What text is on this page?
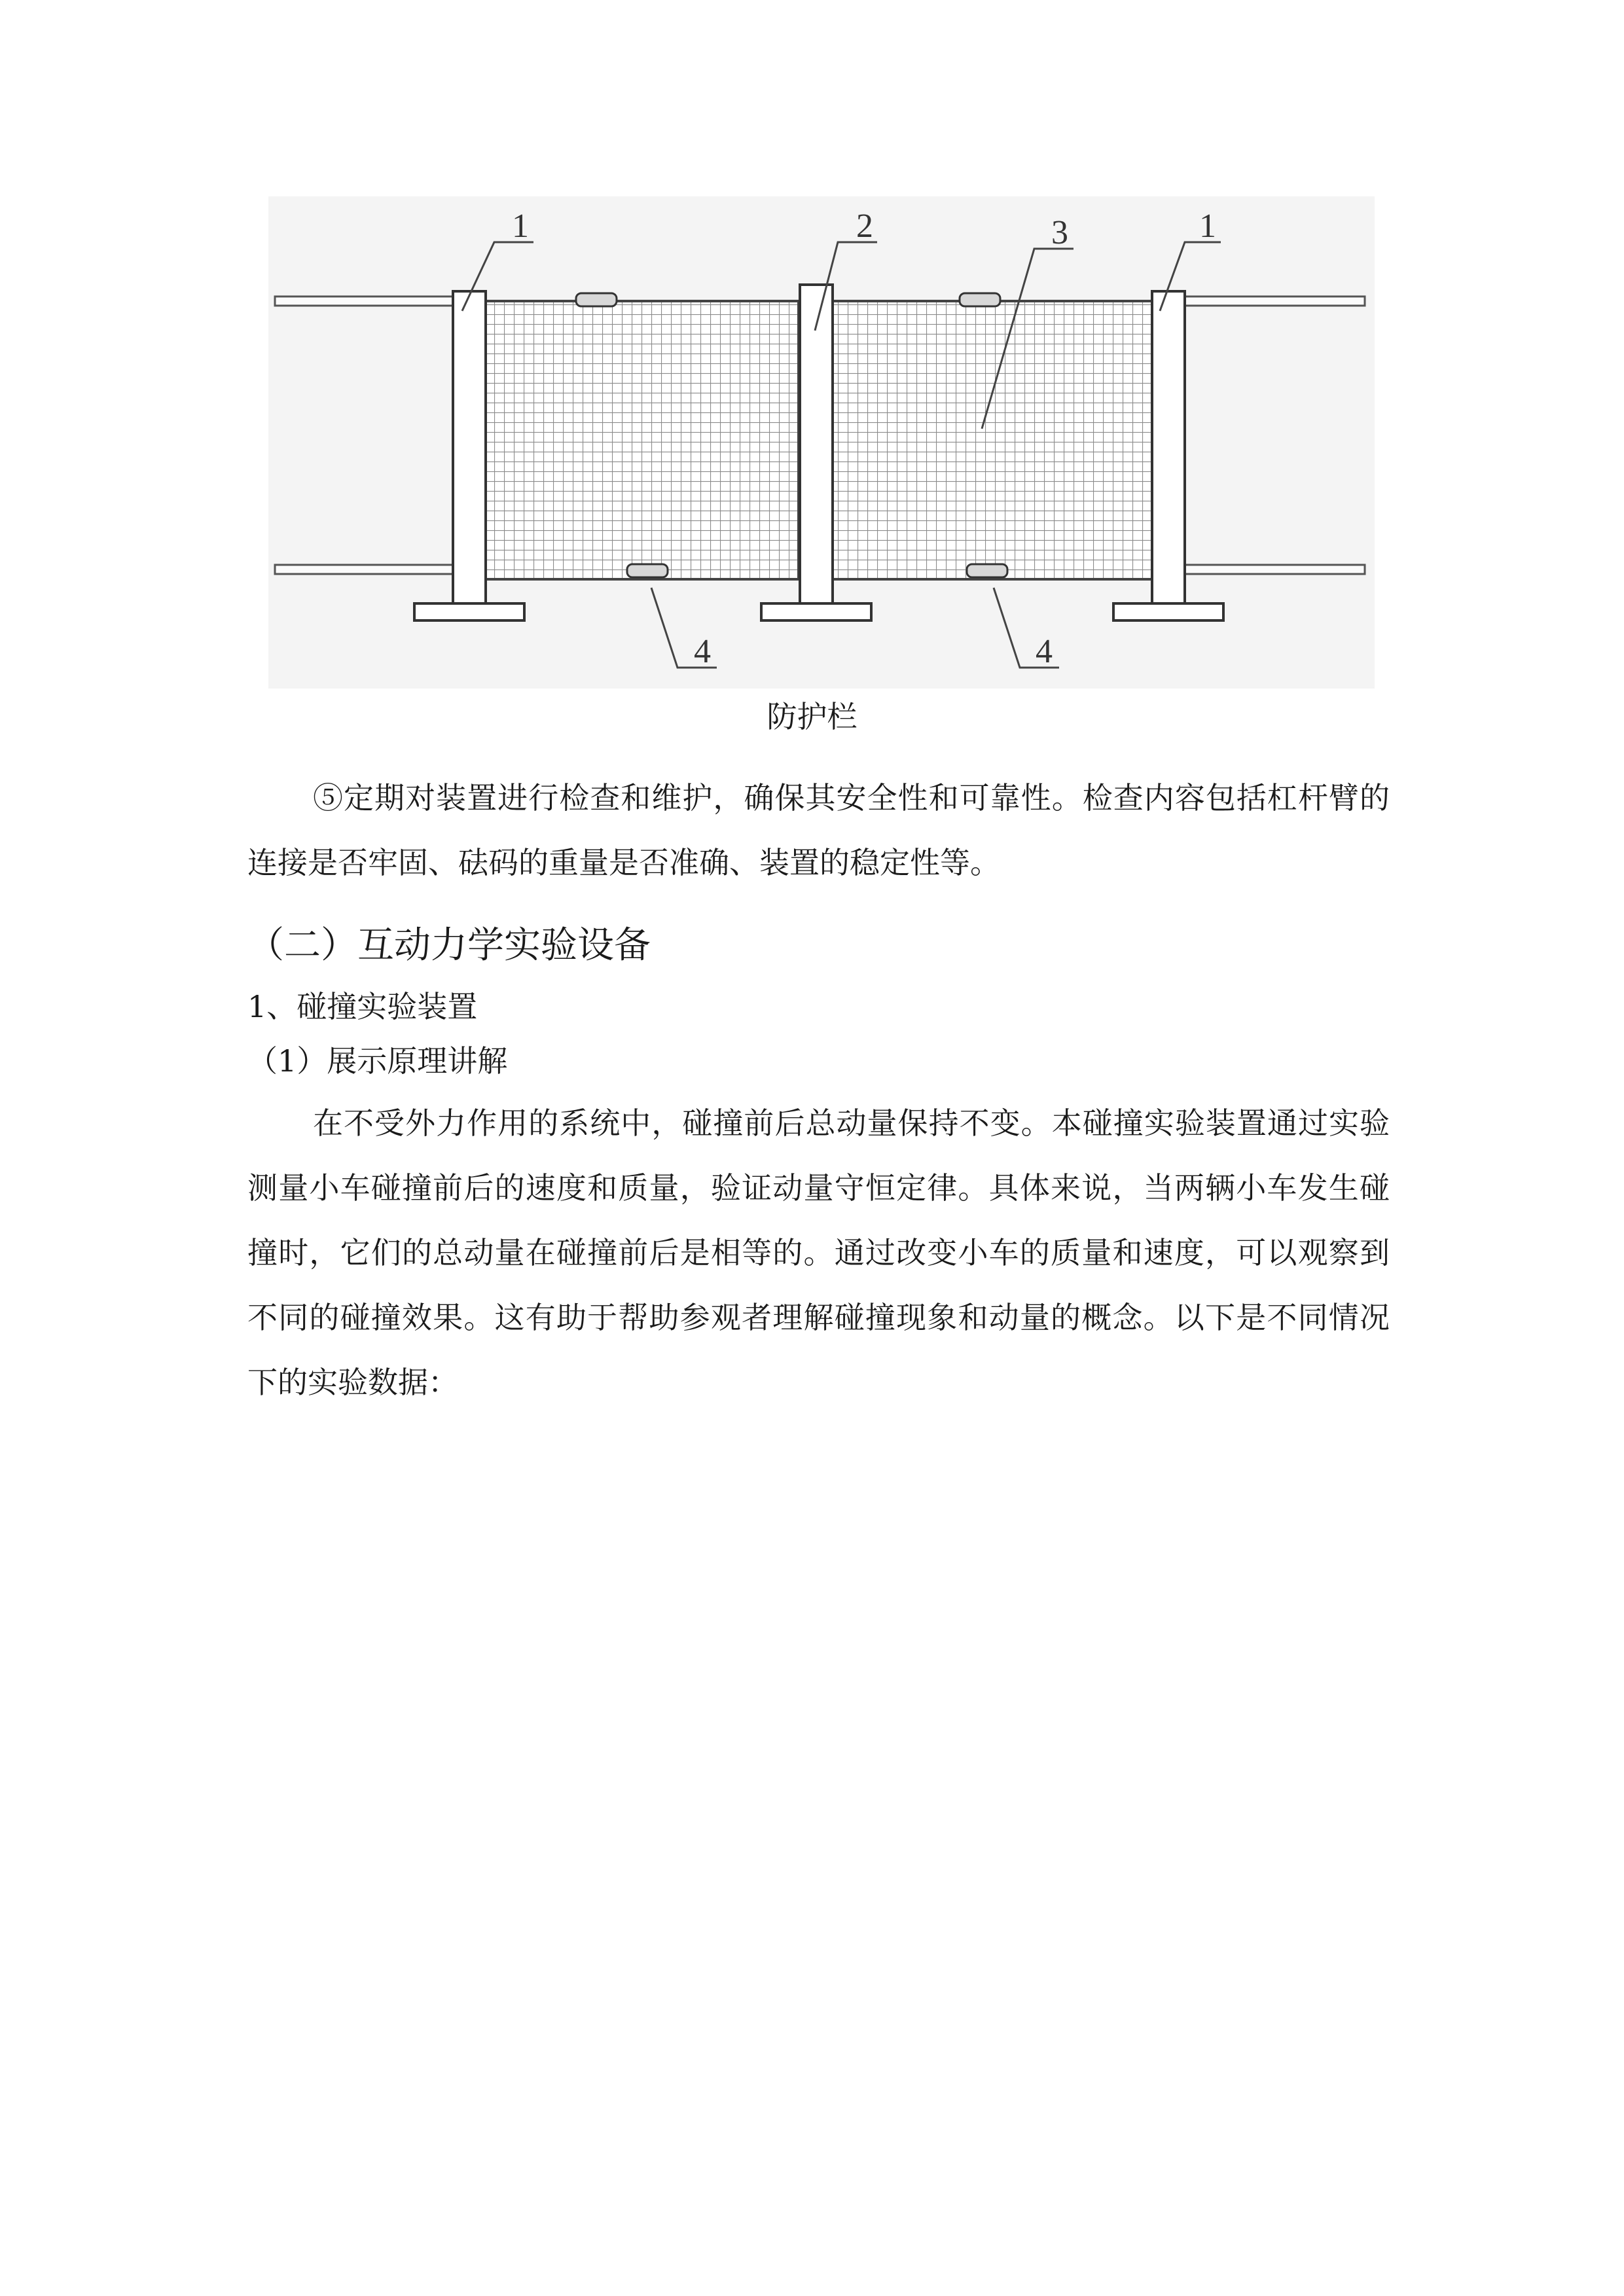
1	2	3	1
4	4
防护栏

⑤定期对装置进行检查和维护，确保其安全性和可靠性。检查内容包括杠杆臂的连接是否牢固、砝码的重量是否准确、装置的稳定性等。

（二）互动力学实验设备
1、碰撞实验装置
（1）展示原理讲解

在不受外力作用的系统中，碰撞前后总动量保持不变。本碰撞实验装置通过实验测量小车碰撞前后的速度和质量，验证动量守恒定律。具体来说，当两辆小车发生碰撞时，它们的总动量在碰撞前后是相等的。通过改变小车的质量和速度，可以观察到不同的碰撞效果。这有助于帮助参观者理解碰撞现象和动量的概念。以下是不同情况下的实验数据：
